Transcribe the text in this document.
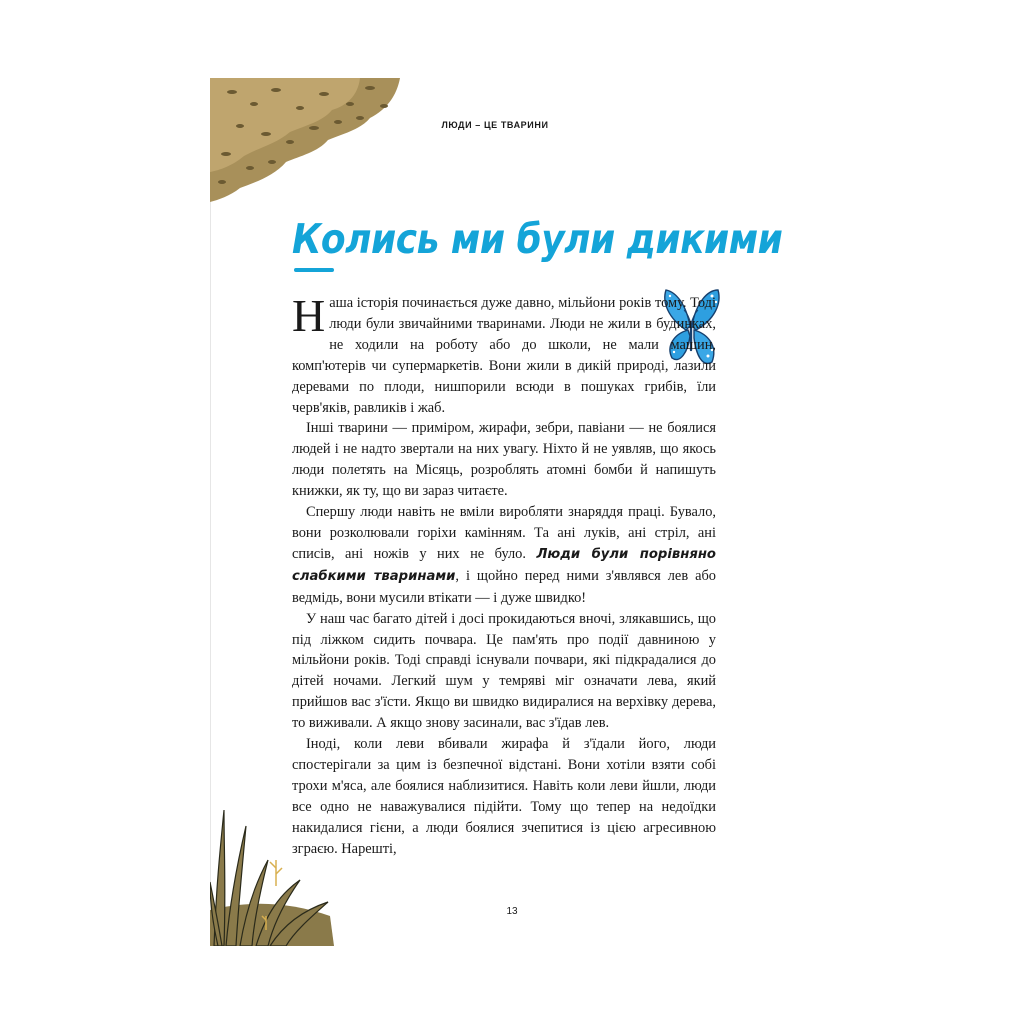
ЛЮДИ – ЦЕ ТВАРИНИ
Колись ми були дикими

Наша історія починається дуже давно, мільйони років тому. Тоді люди були звичайними тваринами. Люди не жили в будинках, не ходили на роботу або до школи, не мали машин, комп'ютерів чи супермаркетів. Вони жили в дикій природі, лазили деревами по плоди, нишпорили всюди в пошуках грибів, їли черв'яків, равликів і жаб.

Інші тварини — приміром, жирафи, зебри, павіани — не боялися людей і не надто звертали на них увагу. Ніхто й не уявляв, що якось люди полетять на Місяць, розроблять атомні бомби й напишуть книжки, як ту, що ви зараз читаєте.

Спершу люди навіть не вміли виробляти знаряддя праці. Бувало, вони розколювали горіхи камінням. Та ані луків, ані стріл, ані списів, ані ножів у них не було. Люди були порівняно слабкими тваринами, і щойно перед ними з'являвся лев або ведмідь, вони мусили втікати — і дуже швидко!

У наш час багато дітей і досі прокидаються вночі, злякавшись, що під ліжком сидить почвара. Це пам'ять про події давниною у мільйони років. Тоді справді існували почвари, які підкрадалися до дітей ночами. Легкий шум у темряві міг означати лева, який прийшов вас з'їсти. Якщо ви швидко видиралися на верхівку дерева, то виживали. А якщо знову засинали, вас з'їдав лев.

Іноді, коли леви вбивали жирафа й з'їдали його, люди спостерігали за цим із безпечної відстані. Вони хотіли взяти собі трохи м'яса, але боялися наблизитися. Навіть коли леви йшли, люди все одно не наважувалися підійти. Тому що тепер на недоїдки накидалися гієни, а люди боялися зчепитися із цією агресивною зграєю. Нарешті,

13
